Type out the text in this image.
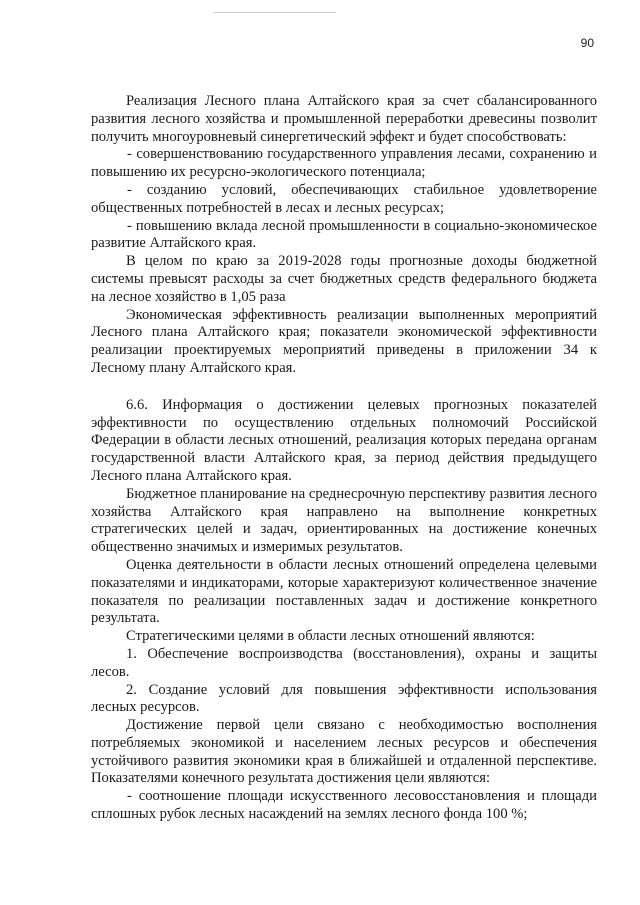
90

Реализация Лесного плана Алтайского края за счет сбалансированного развития лесного хозяйства и промышленной переработки древесины позволит получить многоуровневый синергетический эффект и будет способствовать:

- совершенствованию государственного управления лесами, сохранению и повышению их ресурсно-экологического потенциала;

- созданию условий, обеспечивающих стабильное удовлетворение общественных потребностей в лесах и лесных ресурсах;

- повышению вклада лесной промышленности в социально-экономическое развитие Алтайского края.

В целом по краю за 2019-2028 годы прогнозные доходы бюджетной системы превысят расходы за счет бюджетных средств федерального бюджета на лесное хозяйство в 1,05 раза

Экономическая эффективность реализации выполненных мероприятий Лесного плана Алтайского края; показатели экономической эффективности реализации проектируемых мероприятий приведены в приложении 34 к Лесному плану Алтайского края.

6.6. Информация о достижении целевых прогнозных показателей эффективности по осуществлению отдельных полномочий Российской Федерации в области лесных отношений, реализация которых передана органам государственной власти Алтайского края, за период действия предыдущего Лесного плана Алтайского края.

Бюджетное планирование на среднесрочную перспективу развития лесного хозяйства Алтайского края направлено на выполнение конкретных стратегических целей и задач, ориентированных на достижение конечных общественно значимых и измеримых результатов.

Оценка деятельности в области лесных отношений определена целевыми показателями и индикаторами, которые характеризуют количественное значение показателя по реализации поставленных задач и достижение конкретного результата.

Стратегическими целями в области лесных отношений являются:

1. Обеспечение воспроизводства (восстановления), охраны и защиты лесов.

2. Создание условий для повышения эффективности использования лесных ресурсов.

Достижение первой цели связано с необходимостью восполнения потребляемых экономикой и населением лесных ресурсов и обеспечения устойчивого развития экономики края в ближайшей и отдаленной перспективе. Показателями конечного результата достижения цели являются:

- соотношение площади искусственного лесовосстановления и площади сплошных рубок лесных насаждений на землях лесного фонда 100 %;
